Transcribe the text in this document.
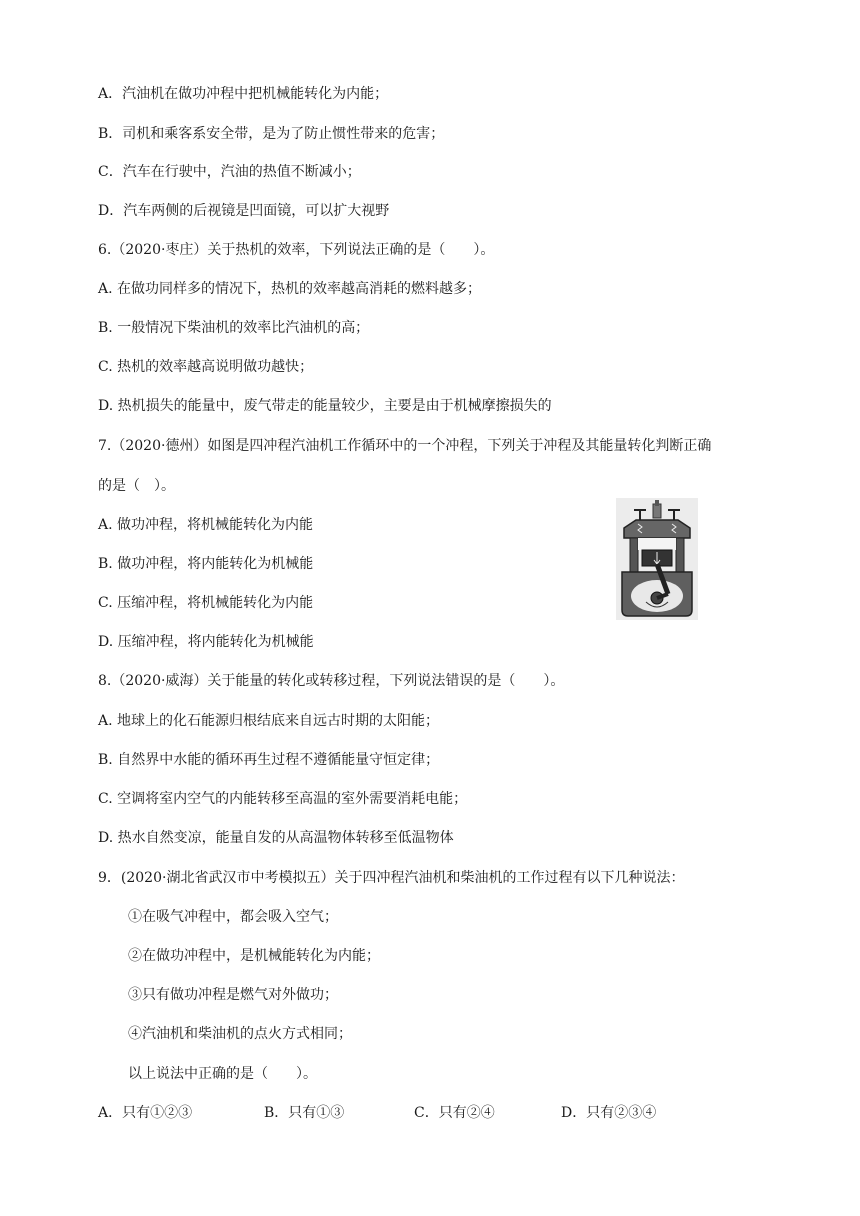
A．汽油机在做功冲程中把机械能转化为内能；

B．司机和乘客系安全带，是为了防止惯性带来的危害；

C．汽车在行驶中，汽油的热值不断减小；

D．汽车两侧的后视镜是凹面镜，可以扩大视野

6.（2020·枣庄）关于热机的效率，下列说法正确的是（　　）。

A. 在做功同样多的情况下，热机的效率越高消耗的燃料越多；

B. 一般情况下柴油机的效率比汽油机的高；

C. 热机的效率越高说明做功越快；

D. 热机损失的能量中，废气带走的能量较少，主要是由于机械摩擦损失的

7.（2020·德州）如图是四冲程汽油机工作循环中的一个冲程，下列关于冲程及其能量转化判断正确

的是（　）。

A. 做功冲程，将机械能转化为内能

B. 做功冲程，将内能转化为机械能

C. 压缩冲程，将机械能转化为内能

D. 压缩冲程，将内能转化为机械能

8.（2020·威海）关于能量的转化或转移过程，下列说法错误的是（　　）。

A. 地球上的化石能源归根结底来自远古时期的太阳能；

B. 自然界中水能的循环再生过程不遵循能量守恒定律；

C. 空调将室内空气的内能转移至高温的室外需要消耗电能；

D. 热水自然变凉，能量自发的从高温物体转移至低温物体

9．(2020·湖北省武汉市中考模拟五）关于四冲程汽油机和柴油机的工作过程有以下几种说法：

①在吸气冲程中，都会吸入空气；

②在做功冲程中，是机械能转化为内能；

③只有做功冲程是燃气对外做功；

④汽油机和柴油机的点火方式相同；

以上说法中正确的是（　　）。

A．只有①②③	B．只有①③	C．只有②④	D．只有②③④
